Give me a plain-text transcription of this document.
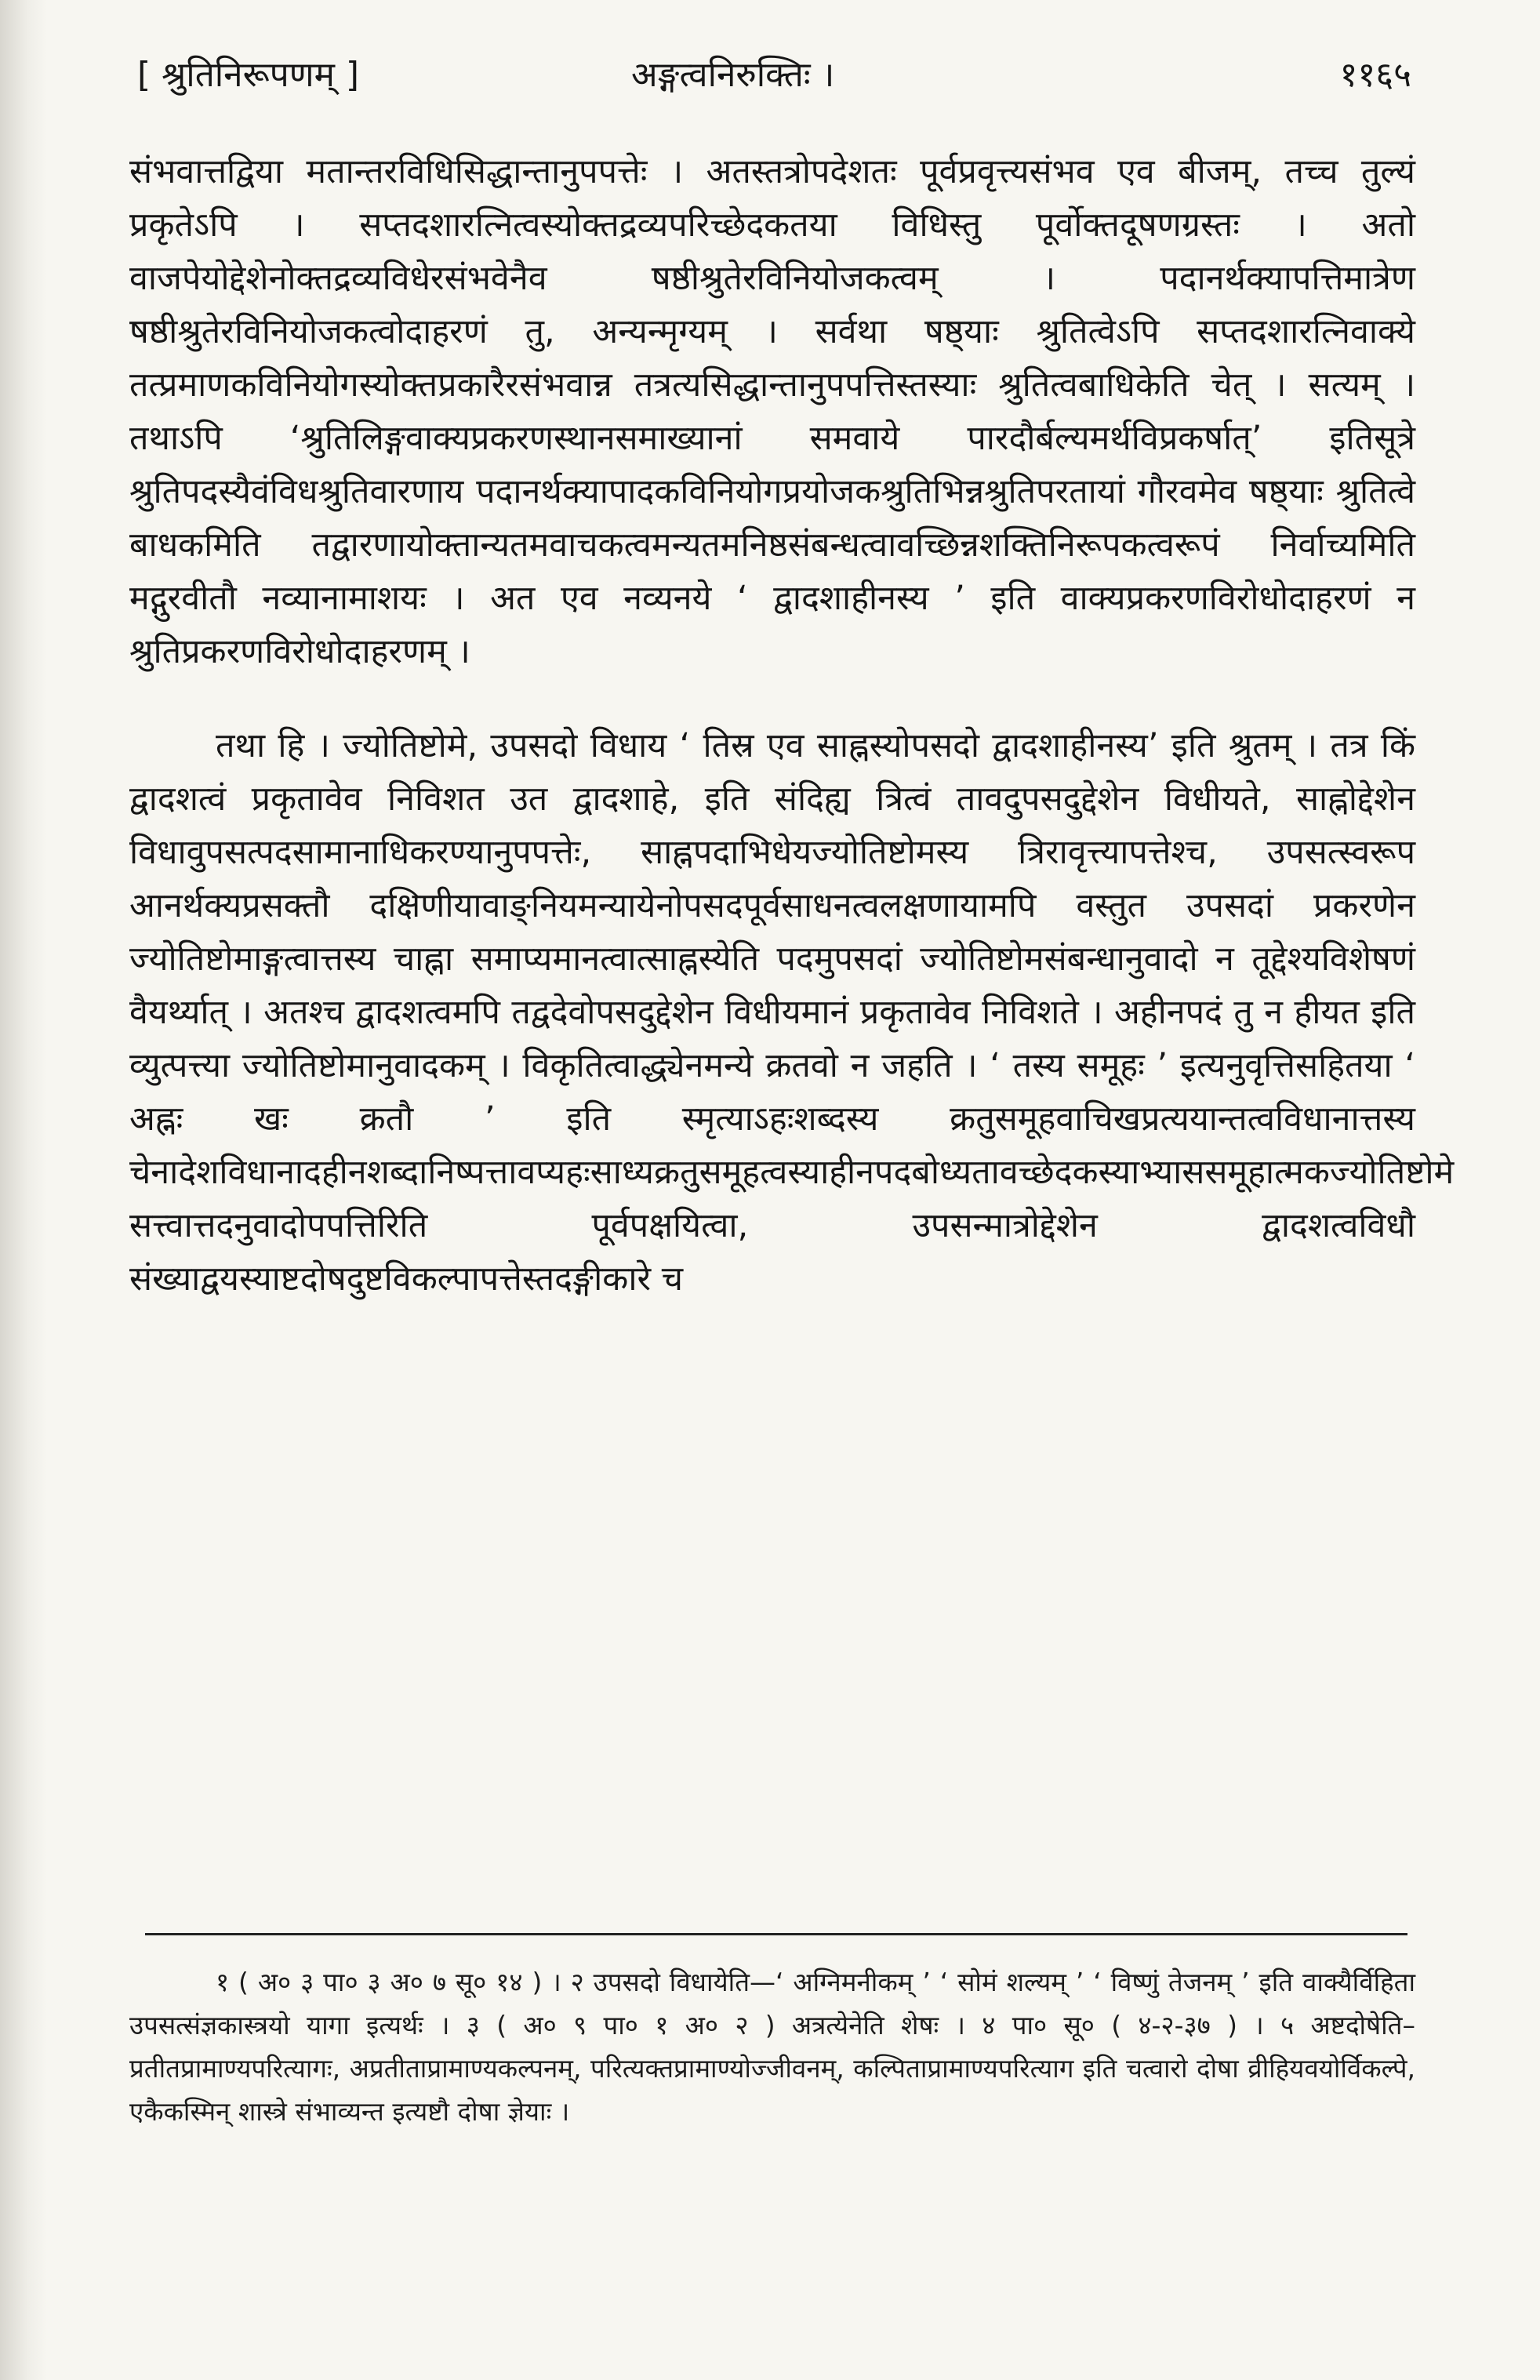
[ श्रुतिनिरूपणम् ]	अङ्गत्वनिरुक्तिः ।	११६५

संभवात्तद्विया मतान्तरविधिसिद्धान्तानुपपत्तेः । अतस्तत्रोपदेशतः पूर्वप्रवृत्त्यसंभव एव बीजम्, तच्च तुल्यं प्रकृतेऽपि । सप्तदशारत्नित्वस्योक्तद्रव्यपरिच्छेदकतया विधिस्तु पूर्वोक्तदूषणग्रस्तः । अतो वाजपेयोद्देशेनोक्तद्रव्यविधेरसंभवेनैव षष्ठीश्रुतेरविनियोजकत्वम् । पदानर्थक्यापत्तिमात्रेण षष्ठीश्रुतेरविनियोजकत्वोदाहरणं तु, अन्यन्मृग्यम् । सर्वथा षष्ठ्याः श्रुतित्वेऽपि सप्तदशारत्निवाक्ये तत्प्रमाणकविनियोगस्योक्तप्रकारैरसंभवान्न तत्रत्यसिद्धान्तानुपपत्तिस्तस्याः श्रुतित्वबाधिकेति चेत् । सत्यम् । तथाऽपि ‘श्रुतिलिङ्गवाक्यप्रकरणस्थानसमाख्यानां समवाये पारदौर्बल्यमर्थविप्रकर्षात्’ इतिसूत्रे श्रुतिपदस्यैवंविधश्रुतिवारणाय पदानर्थक्यापादकविनियोगप्रयोजकश्रुतिभिन्नश्रुतिपरतायां गौरवमेव षष्ठ्याः श्रुतित्वे बाधकमिति तद्वारणायोक्तान्यतमवाचकत्वमन्यतमनिष्ठसंबन्धत्वावच्छिन्नशक्तिनिरूपकत्वरूपं निर्वाच्यमिति मद्गुरवीतौ नव्यानामाशयः । अत एव नव्यनये ‘ द्वादशाहीनस्य ’ इति वाक्यप्रकरणविरोधोदाहरणं न श्रुतिप्रकरणविरोधोदाहरणम् ।

तथा हि । ज्योतिष्टोमे, उपसदो विधाय ‘ तिस्र एव साह्नस्योपसदो द्वादशाहीनस्य’ इति श्रुतम् । तत्र किं द्वादशत्वं प्रकृतावेव निविशत उत द्वादशाहे, इति संदिह्य त्रित्वं तावदुपसदुद्देशेन विधीयते, साह्नोद्देशेन विधावुपसत्पदसामानाधिकरण्यानुपपत्तेः, साह्नपदाभिधेयज्योतिष्टोमस्य त्रिरावृत्त्यापत्तेश्च, उपसत्स्वरूप आनर्थक्यप्रसक्तौ दक्षिणीयावाङ्नियमन्यायेनोपसदपूर्वसाधनत्वलक्षणायामपि वस्तुत उपसदां प्रकरणेन ज्योतिष्टोमाङ्गत्वात्तस्य चाह्ना समाप्यमानत्वात्साह्नस्येति पदमुपसदां ज्योतिष्टोमसंबन्धानुवादो न तूद्देश्यविशेषणं वैयर्थ्यात् । अतश्च द्वादशत्वमपि तद्वदेवोपसदुद्देशेन विधीयमानं प्रकृतावेव निविशते । अहीनपदं तु न हीयत इति व्युत्पत्त्या ज्योतिष्टोमानुवादकम् । विकृतित्वाद्ध्येनमन्ये क्रतवो न जहति । ‘ तस्य समूहः ’ इत्यनुवृत्तिसहितया ‘ अह्नः खः क्रतौ ’ इति स्मृत्याऽहःशब्दस्य क्रतुसमूहवाचिखप्रत्ययान्तत्वविधानात्तस्य चेनादेशविधानादहीनशब्दानिष्पत्तावप्यहःसाध्यक्रतुसमूहत्वस्याहीनपदबोध्यतावच्छेदकस्याभ्याससमूहात्मकज्योतिष्टोमे सत्त्वात्तदनुवादोपपत्तिरिति पूर्वपक्षयित्वा, उपसन्मात्रोद्देशेन द्वादशत्वविधौ संख्याद्वयस्याष्टदोषदुष्टविकल्पापत्तेस्तदङ्गीकारे च

१ ( अ० ३ पा० ३ अ० ७ सू० १४ ) । २ उपसदो विधायेति—‘ अग्निमनीकम् ’ ‘ सोमं शल्यम् ’ ‘ विष्णुं तेजनम् ’ इति वाक्यैर्विहिता उपसत्संज्ञकास्त्रयो यागा इत्यर्थः । ३ ( अ० ९ पा० १ अ० २ ) अत्रत्येनेति शेषः । ४ पा० सू० ( ४-२-३७ ) । ५ अष्टदोषेति–प्रतीतप्रामाण्यपरित्यागः, अप्रतीताप्रामाण्यकल्पनम्, परित्यक्तप्रामाण्योज्जीवनम्, कल्पिताप्रामाण्यपरित्याग इति चत्वारो दोषा व्रीहियवयोर्विकल्पे, एकैकस्मिन् शास्त्रे संभाव्यन्त इत्यष्टौ दोषा ज्ञेयाः ।
